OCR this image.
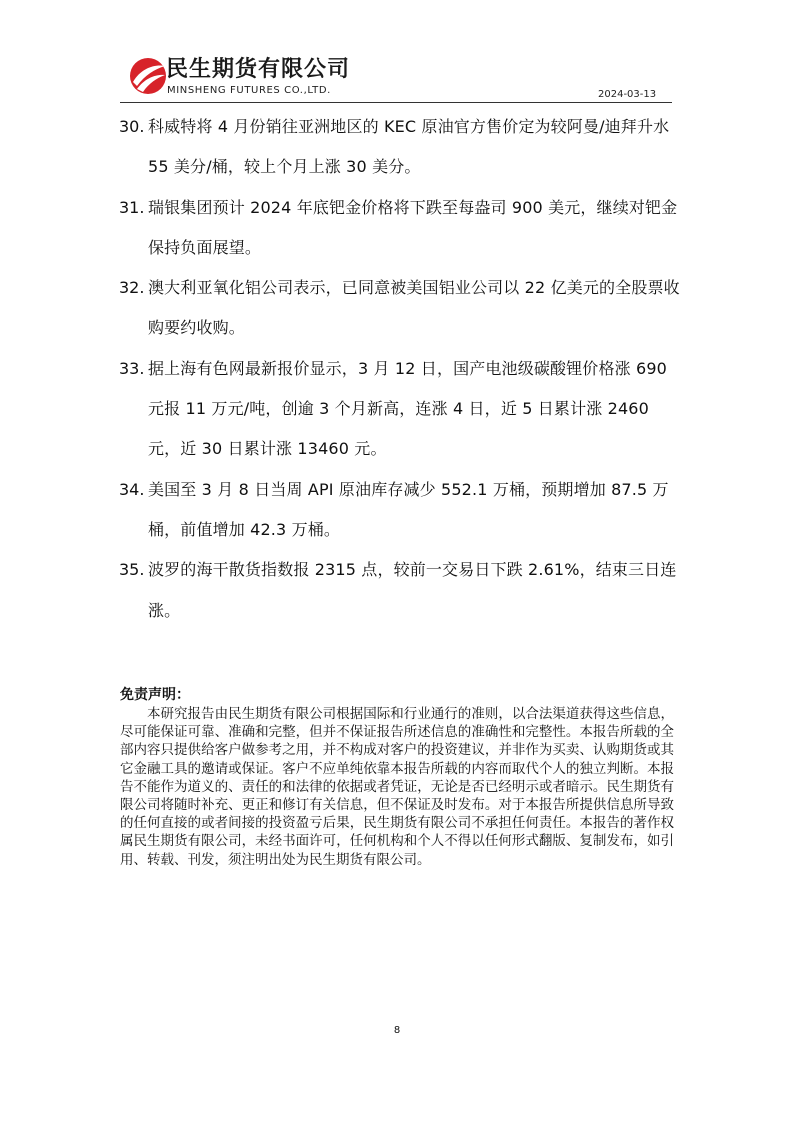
民生期货有限公司
MINSHENG FUTURES CO.,LTD.	2024-03-13
30. 科威特将 4 月份销往亚洲地区的 KEC 原油官方售价定为较阿曼/迪拜升水 55 美分/桶，较上个月上涨 30 美分。
31. 瑞银集团预计 2024 年底钯金价格将下跌至每盎司 900 美元，继续对钯金保持负面展望。
32. 澳大利亚氧化铝公司表示，已同意被美国铝业公司以 22 亿美元的全股票收购要约收购。
33. 据上海有色网最新报价显示，3 月 12 日，国产电池级碳酸锂价格涨 690 元报 11 万元/吨，创逾 3 个月新高，连涨 4 日，近 5 日累计涨 2460 元，近 30 日累计涨 13460 元。
34. 美国至 3 月 8 日当周 API 原油库存减少 552.1 万桶，预期增加 87.5 万桶，前值增加 42.3 万桶。
35. 波罗的海干散货指数报 2315 点，较前一交易日下跌 2.61%，结束三日连涨。

免责声明：

本研究报告由民生期货有限公司根据国际和行业通行的准则，以合法渠道获得这些信息，尽可能保证可靠、准确和完整，但并不保证报告所述信息的准确性和完整性。本报告所载的全部内容只提供给客户做参考之用，并不构成对客户的投资建议，并非作为买卖、认购期货或其它金融工具的邀请或保证。客户不应单纯依靠本报告所载的内容而取代个人的独立判断。本报告不能作为道义的、责任的和法律的依据或者凭证，无论是否已经明示或者暗示。民生期货有限公司将随时补充、更正和修订有关信息，但不保证及时发布。对于本报告所提供信息所导致的任何直接的或者间接的投资盈亏后果，民生期货有限公司不承担任何责任。本报告的著作权属民生期货有限公司，未经书面许可，任何机构和个人不得以任何形式翻版、复制发布，如引用、转载、刊发，须注明出处为民生期货有限公司。

8
